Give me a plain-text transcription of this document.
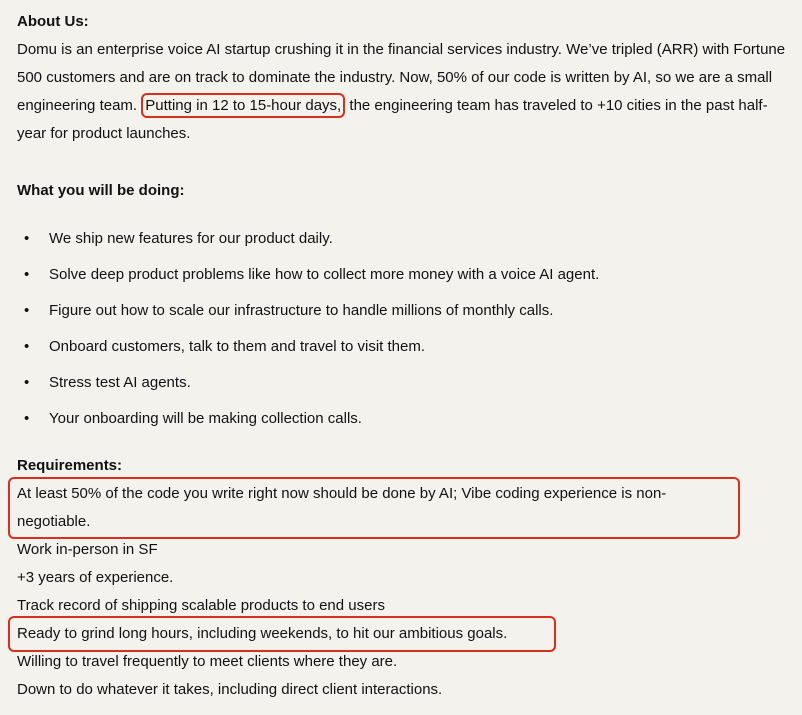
About Us:

Domu is an enterprise voice AI startup crushing it in the financial services industry. We’ve tripled (ARR) with Fortune 500 customers and are on track to dominate the industry. Now, 50% of our code is written by AI, so we are a small engineering team. Putting in 12 to 15-hour days, the engineering team has traveled to +10 cities in the past half-year for product launches.

What you will be doing:
• We ship new features for our product daily.
• Solve deep product problems like how to collect more money with a voice AI agent.
• Figure out how to scale our infrastructure to handle millions of monthly calls.
• Onboard customers, talk to them and travel to visit them.
• Stress test AI agents.
• Your onboarding will be making collection calls.
Requirements:
At least 50% of the code you write right now should be done by AI; Vibe coding experience is non-
negotiable.
Work in-person in SF
+3 years of experience.
Track record of shipping scalable products to end users
Ready to grind long hours, including weekends, to hit our ambitious goals.
Willing to travel frequently to meet clients where they are.
Down to do whatever it takes, including direct client interactions.
